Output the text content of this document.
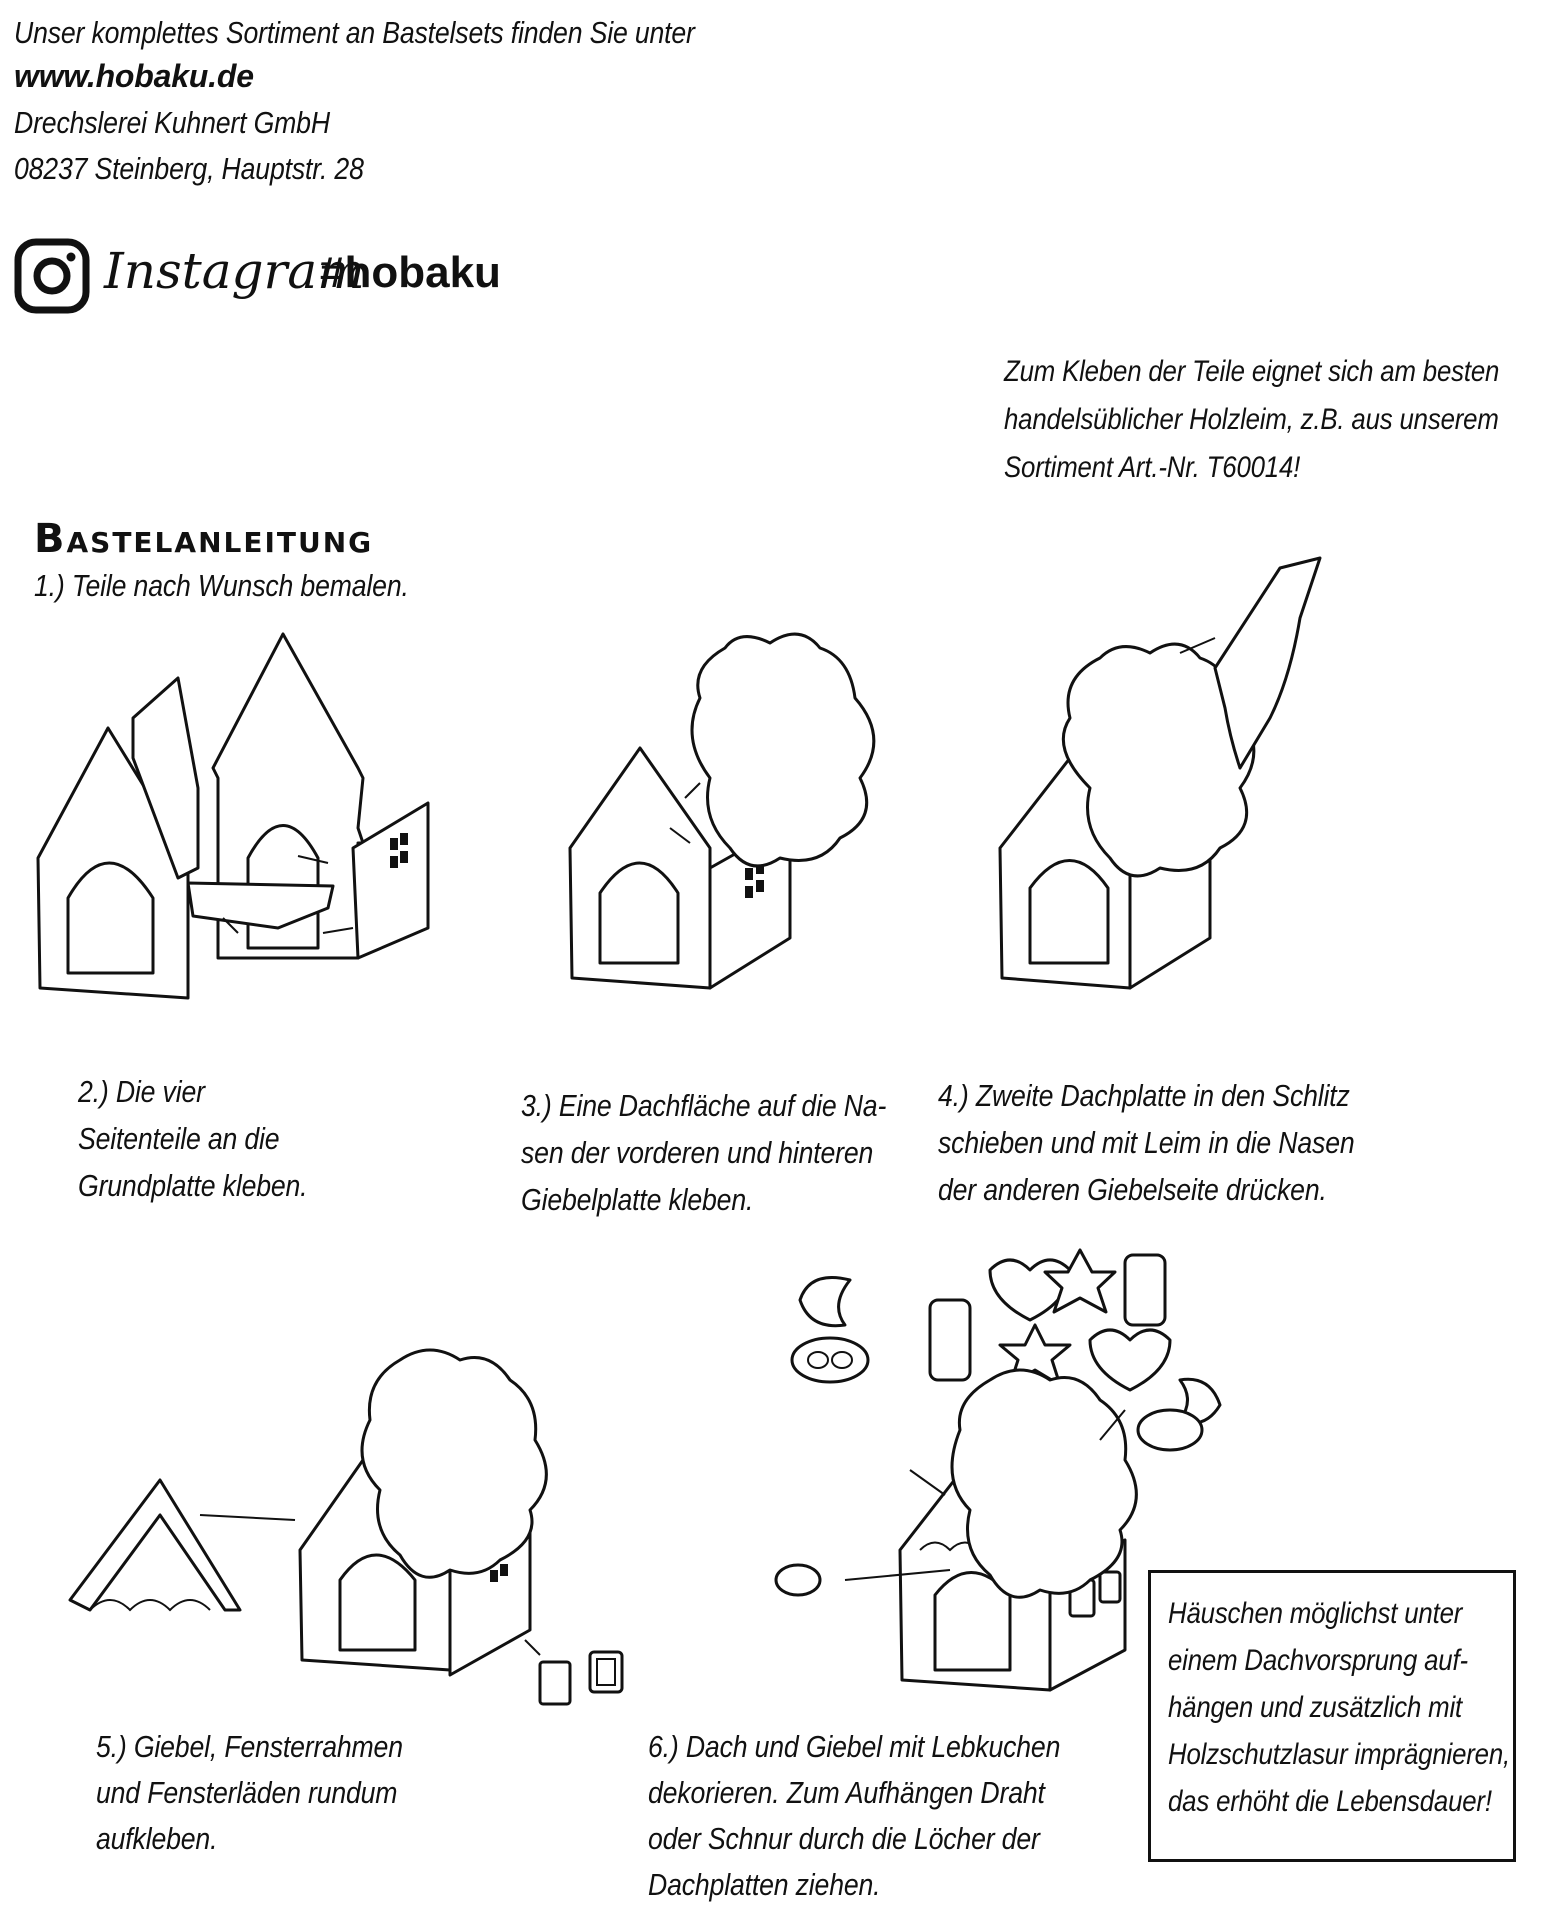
Unser komplettes Sortiment an Bastelsets finden Sie unter
www.hobaku.de
Drechslerei Kuhnert GmbH
08237 Steinberg, Hauptstr. 28
Instagram
#hobaku
Zum Kleben der Teile eignet sich am besten
handelsüblicher Holzleim, z.B. aus unserem
Sortiment Art.-Nr. T60014!
Bastelanleitung
1.) Teile nach Wunsch bemalen.
2.) Die vier
Seitenteile an die
Grundplatte kleben.
3.) Eine Dachfläche auf die Na-
sen der vorderen und hinteren
Giebelplatte kleben.
4.) Zweite Dachplatte in den Schlitz
schieben und mit Leim in die Nasen
der anderen Giebelseite drücken.
5.) Giebel, Fensterrahmen
und Fensterläden rundum
aufkleben.
6.) Dach und Giebel mit Lebkuchen
dekorieren. Zum Aufhängen Draht
oder Schnur durch die Löcher der
Dachplatten ziehen.
Häuschen möglichst unter
einem Dachvorsprung auf-
hängen und zusätzlich mit
Holzschutzlasur imprägnieren,
das erhöht die Lebensdauer!
